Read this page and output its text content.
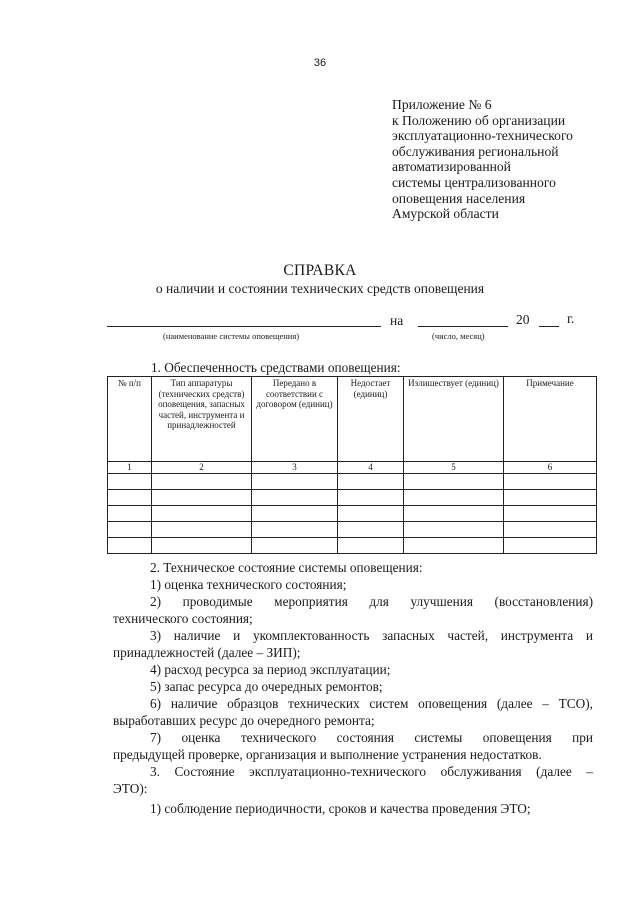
36
Приложение № 6
к Положению об организации
эксплуатационно-технического
обслуживания региональной
автоматизированной
системы централизованного
оповещения населения
Амурской области
СПРАВКА
о наличии и состоянии технических средств оповещения
на	20	г.
(наименование системы оповещения)	(число, месяц)
1. Обеспеченность средствами оповещения:
№ п/п	Тип аппаратуры (технических средств) оповещения, запасных частей, инструмента и принадлежностей	Передано в соответствии с договором (единиц)	Недостает (единиц)	Излишествует (единиц)	Примечание
1	2	3	4	5	6

2. Техническое состояние системы оповещения:
1) оценка технического состояния;
2) проводимые мероприятия для улучшения (восстановления)
технического состояния;
3) наличие и укомплектованность запасных частей, инструмента и
принадлежностей (далее – ЗИП);
4) расход ресурса за период эксплуатации;
5) запас ресурса до очередных ремонтов;
6) наличие образцов технических систем оповещения (далее – ТСО),
выработавших ресурс до очередного ремонта;
7) оценка технического состояния системы оповещения при
предыдущей проверке, организация и выполнение устранения недостатков.
3. Состояние эксплуатационно-технического обслуживания (далее –
ЭТО):
1) соблюдение периодичности, сроков и качества проведения ЭТО;
